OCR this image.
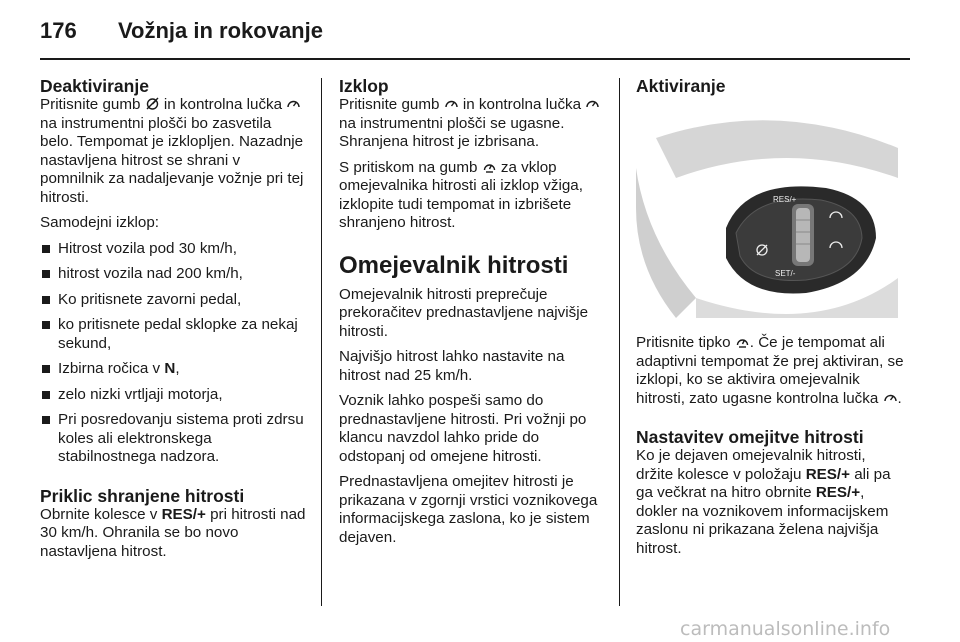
176 Vožnja in rokovanje
Deaktiviranje

Pritisnite gumb
in kontrolna lučka
na instrumentni plošči bo zasvetila belo. Tempomat je izklopljen. Nazadnje nastavljena hitrost se shrani v pomnilnik za nadaljevanje vožnje pri tej hitrosti.

Samodejni izklop:

Hitrost vozila pod 30 km/h,
hitrost vozila nad 200 km/h,
Ko pritisnete zavorni pedal,
ko pritisnete pedal sklopke za nekaj sekund,
Izbirna ročica v N,
zelo nizki vrtljaji motorja,
Pri posredovanju sistema proti zdrsu koles ali elektronskega stabilnostnega nadzora.
Priklic shranjene hitrosti

Obrnite kolesce v RES/+ pri hitrosti nad 30 km/h. Ohranila se bo novo nastavljena hitrost.

Izklop

Pritisnite gumb
in kontrolna lučka
na instrumentni plošči se ugasne. Shranjena hitrost je izbrisana.

S pritiskom na gumb
za vklop omejevalnika hitrosti ali izklop vžiga, izklopite tudi tempomat in izbrišete shranjeno hitrost.

Omejevalnik hitrosti

Omejevalnik hitrosti preprečuje prekoračitev prednastavljene najvišje hitrosti.

Najvišjo hitrost lahko nastavite na hitrost nad 25 km/h.

Voznik lahko pospeši samo do prednastavljene hitrosti. Pri vožnji po klancu navzdol lahko pride do odstopanj od omejene hitrosti.

Prednastavljena omejitev hitrosti je prikazana v zgornji vrstici voznikovega informacijskega zaslona, ko je sistem dejaven.

Aktiviranje
RES/+
SET/-

Pritisnite tipko
. Če je tempomat ali adaptivni tempomat že prej aktiviran, se izklopi, ko se aktivira omejevalnik hitrosti, zato ugasne kontrolna lučka
.

Nastavitev omejitve hitrosti

Ko je dejaven omejevalnik hitrosti, držite kolesce v položaju RES/+ ali pa ga večkrat na hitro obrnite RES/+, dokler na voznikovem informacijskem zaslonu ni prikazana želena najvišja hitrost.

carmanualsonline.info
